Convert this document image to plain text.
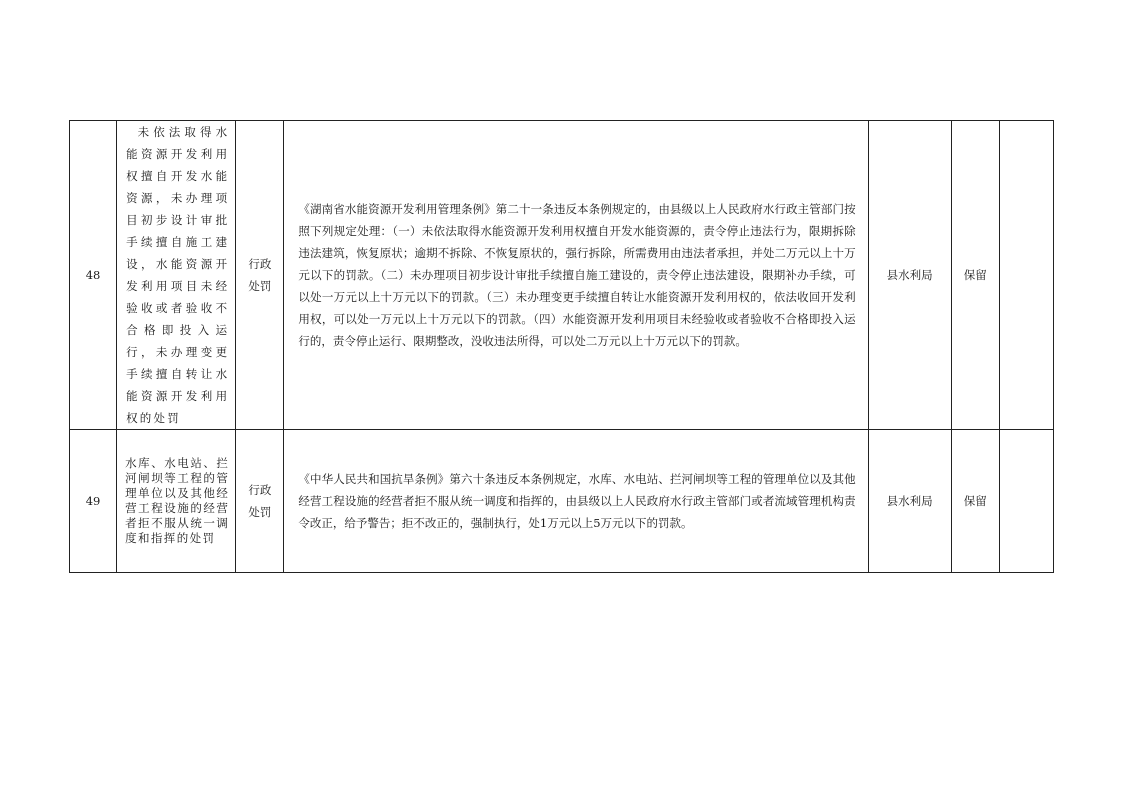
48	未依法取得水能资源开发利用权擅自开发水能资源，未办理项目初步设计审批手续擅自施工建设，水能资源开发利用项目未经验收或者验收不合格即投入运行，未办理变更手续擅自转让水能资源开发利用权的处罚	行政处罚	《湖南省水能资源开发利用管理条例》第二十一条违反本条例规定的，由县级以上人民政府水行政主管部门按照下列规定处理：（一）未依法取得水能资源开发利用权擅自开发水能资源的，责令停止违法行为，限期拆除违法建筑，恢复原状；逾期不拆除、不恢复原状的，强行拆除，所需费用由违法者承担，并处二万元以上十万元以下的罚款。（二）未办理项目初步设计审批手续擅自施工建设的，责令停止违法建设，限期补办手续，可以处一万元以上十万元以下的罚款。（三）未办理变更手续擅自转让水能资源开发利用权的，依法收回开发利用权，可以处一万元以上十万元以下的罚款。（四）水能资源开发利用项目未经验收或者验收不合格即投入运行的，责令停止运行、限期整改，没收违法所得，可以处二万元以上十万元以下的罚款。	县水利局	保留	
49	水库、水电站、拦河闸坝等工程的管理单位以及其他经营工程设施的经营者拒不服从统一调度和指挥的处罚	行政处罚	《中华人民共和国抗旱条例》第六十条违反本条例规定，水库、水电站、拦河闸坝等工程的管理单位以及其他经营工程设施的经营者拒不服从统一调度和指挥的，由县级以上人民政府水行政主管部门或者流域管理机构责令改正，给予警告；拒不改正的，强制执行，处1万元以上5万元以下的罚款。	县水利局	保留	
